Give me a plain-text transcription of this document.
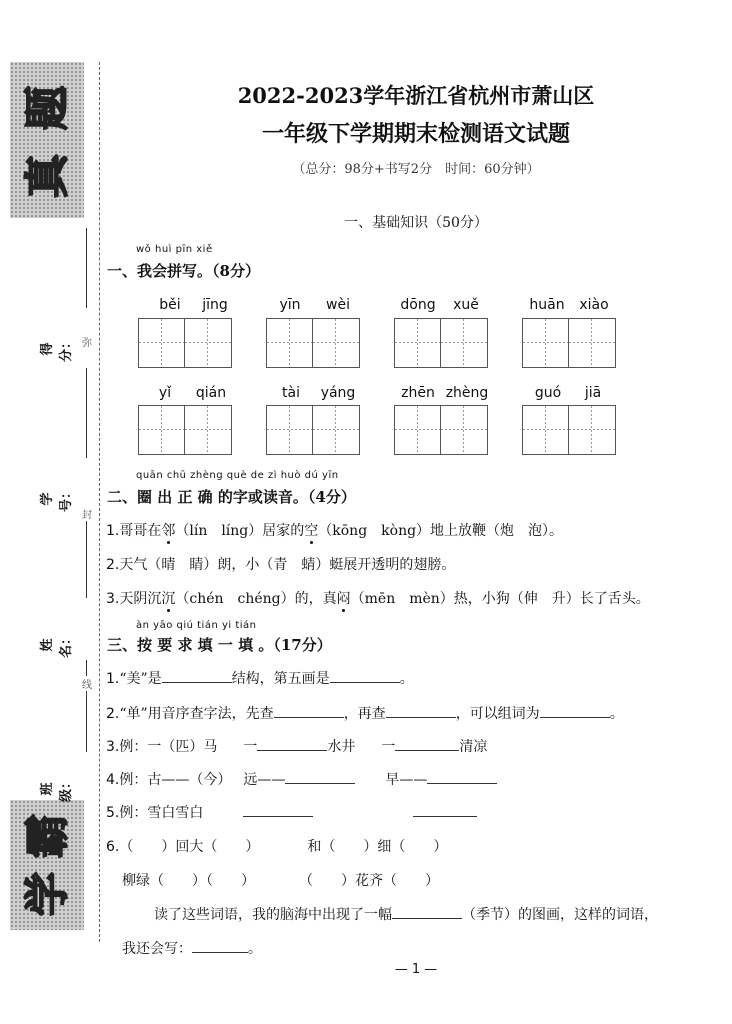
真
题
学
霸
得分：
学号：
姓名：
班级：
弥
封
线
2022-2023学年浙江省杭州市萧山区
一年级下学期期末检测语文试题
（总分：98分+书写2分　时间：60分钟）
一、基础知识（50分）
wǒ huì pīn xiě
一、我会拼写。（8分）
běi	jīng	yīn	wèi	dōng	xuě	huān	xiào
yǐ	qián	tài	yáng	zhēn zhèng	guó	jiā
quān chū zhèng què de zì huò dú yīn
二、圈 出 正 确 的字或读音。（4分）
1.哥哥在邻（lín　líng）居家的空（kōng　kòng）地上放鞭（炮　泡）。
2.天气（晴　睛）朗，小（青　蜻）蜓展开透明的翅膀。
3.天阴沉沉（chén　chéng）的，真闷（mēn　mèn）热，小狗（伸　升）长了舌头。
àn yāo qiú tián yi tián
三、按 要 求 填 一 填 。（17分）
1.“美”是	结构，第五画是	。
2.“单”用音序查字法，先查	，再查	，可以组词为	。
3.例：一（匹）马 一	水井 一	清凉
4.例：古——（今） 远——	早——
5.例：雪白雪白
6.（　　）回大（　　）	和（　　）细（　　）
柳绿（　　）（　　）	（　　）花齐（　　）
读了这些词语，我的脑海中出现了一幅	（季节）的图画，这样的词语，
我还会写：	。
— 1 —
